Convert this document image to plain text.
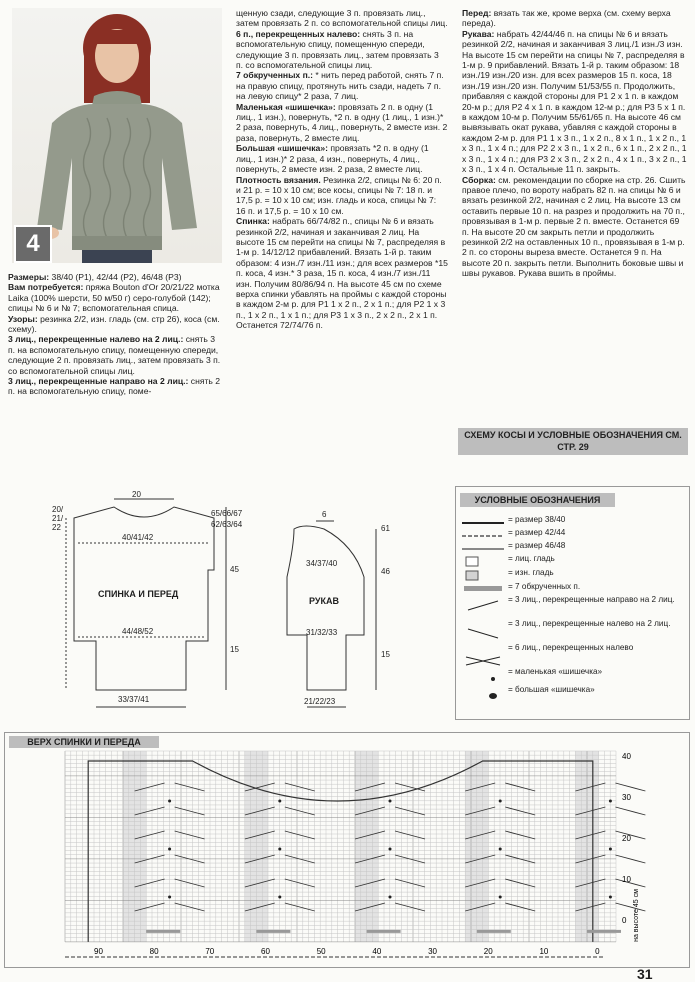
4

Размеры: 38/40 (P1), 42/44 (P2), 46/48 (P3)

Вам потребуется: пряжа Bouton d'Or 20/21/22 мотка Laika (100% шерсти, 50 м/50 г) серо-голубой (142); спицы № 6 и № 7; вспомогательная спица.

Узоры: резинка 2/2, изн. гладь (см. стр 26), коса (см. схему).

3 лиц., перекрещенные налево на 2 лиц.: снять 3 п. на вспомогательную спицу, помещенную спереди, следующие 2 п. провязать лиц., затем провязать 3 п. со вспомогательной спицы лиц.

3 лиц., перекрещенные направо на 2 лиц.: снять 2 п. на вспомогательную спицу, поме-

щенную сзади, следующие 3 п. провязать лиц., затем провязать 2 п. со вспомогательной спицы лиц.

6 п., перекрещенных налево: снять 3 п. на вспомогательную спицу, помещенную спереди, следующие 3 п. провязать лиц., затем провязать 3 п. со вспомогательной спицы лиц.

7 обкрученных п.: * нить перед работой, снять 7 п. на правую спицу, протянуть нить сзади, надеть 7 п. на левую спицу* 2 раза, 7 лиц.

Маленькая «шишечка»: провязать 2 п. в одну (1 лиц., 1 изн.), повернуть, *2 п. в одну (1 лиц., 1 изн.)* 2 раза, повернуть, 4 лиц., повернуть, 2 вместе изн. 2 раза, повернуть, 2 вместе лиц.

Большая «шишечка»: провязать *2 п. в одну (1 лиц., 1 изн.)* 2 раза, 4 изн., повернуть, 4 лиц., повернуть, 2 вместе изн. 2 раза, 2 вместе лиц.

Плотность вязания. Резинка 2/2, спицы № 6: 20 п. и 21 р. = 10 х 10 см; все косы, спицы № 7: 18 п. и 17,5 р. = 10 х 10 см; изн. гладь и коса, спицы № 7: 16 п. и 17,5 р. = 10 х 10 см.

Спинка: набрать 66/74/82 п., спицы № 6 и вязать резинкой 2/2, начиная и заканчивая 2 лиц. На высоте 15 см перейти на спицы № 7, распределяя в 1-м р. 14/12/12 прибавлений. Вязать 1-й р. таким образом: 4 изн./7 изн./11 изн.; для всех размеров *15 п. коса, 4 изн.* 3 раза, 15 п. коса, 4 изн./7 изн./11 изн. Получим 80/86/94 п. На высоте 45 см по схеме верха спинки убавлять на проймы с каждой стороны в каждом 2-м р. для P1 1 х 2 п., 2 х 1 п.; для P2 1 х 3 п., 1 х 2 п., 1 х 1 п.; для P3 1 х 3 п., 2 х 2 п., 2 х 1 п. Останется 72/74/76 п.

Перед: вязать так же, кроме верха (см. схему верха переда).

Рукава: набрать 42/44/46 п. на спицы № 6 и вязать резинкой 2/2, начиная и заканчивая 3 лиц./1 изн./3 изн. На высоте 15 см перейти на спицы № 7, распределяя в 1-м р. 9 прибавлений. Вязать 1-й р. таким образом: 18 изн./19 изн./20 изн. для всех размеров 15 п. коса, 18 изн./19 изн./20 изн. Получим 51/53/55 п. Продолжить, прибавляя с каждой стороны для P1 2 х 1 п. в каждом 20-м р.; для P2 4 х 1 п. в каждом 12-м р.; для P3 5 х 1 п. в каждом 10-м р. Получим 55/61/65 п. На высоте 46 см вывязывать окат рукава, убавляя с каждой стороны в каждом 2-м р. для P1 1 х 3 п., 1 х 2 п., 8 х 1 п., 1 х 2 п., 1 х 3 п., 1 х 4 п.; для P2 2 х 3 п., 1 х 2 п., 6 х 1 п., 2 х 2 п., 1 х 3 п., 1 х 4 п.; для P3 2 х 3 п., 2 х 2 п., 4 х 1 п., 3 х 2 п., 1 х 3 п., 1 х 4 п. Остальные 11 п. закрыть.

Сборка: см. рекомендации по сборке на стр. 26. Сшить правое плечо, по вороту набрать 82 п. на спицы № 6 и вязать резинкой 2/2, начиная с 2 лиц. На высоте 13 см оставить первые 10 п. на разрез и продолжить на 70 п., провязывая в 1-м р. первые 2 п. вместе. Останется 69 п. На высоте 20 см закрыть петли и продолжить резинкой 2/2 на оставленных 10 п., провязывая в 1-м р. 2 п. со стороны выреза вместе. Останется 9 п. На высоте 20 п. закрыть петли. Выполнить боковые швы и швы рукавов. Рукава вшить в проймы.

СХЕМУ КОСЫ И УСЛОВНЫЕ ОБОЗНАЧЕНИЯ СМ. СТР. 29
СПИНКА И ПЕРЕД
20
20/
21/
22
40/41/42
44/48/52
33/37/41
65/66/67
62/63/64
45
15
РУКАВ
6
34/37/40
31/32/33
21/22/23
61
46
15
УСЛОВНЫЕ ОБОЗНАЧЕНИЯ
= размер 38/40
= размер 42/44
= размер 46/48
= лиц. гладь
= изн. гладь
= 7 обкрученных п.
= 3 лиц., перекрещенные направо на 2 лиц.
= 3 лиц., перекрещенные налево на 2 лиц.
= 6 лиц., перекрещенных налево
= маленькая «шишечка»
= большая «шишечка»
ВЕРХ СПИНКИ И ПЕРЕДА
90	80	70	60	50	40	30	20	10	0
40
30
20
10
0 на высоте 45 см
31
